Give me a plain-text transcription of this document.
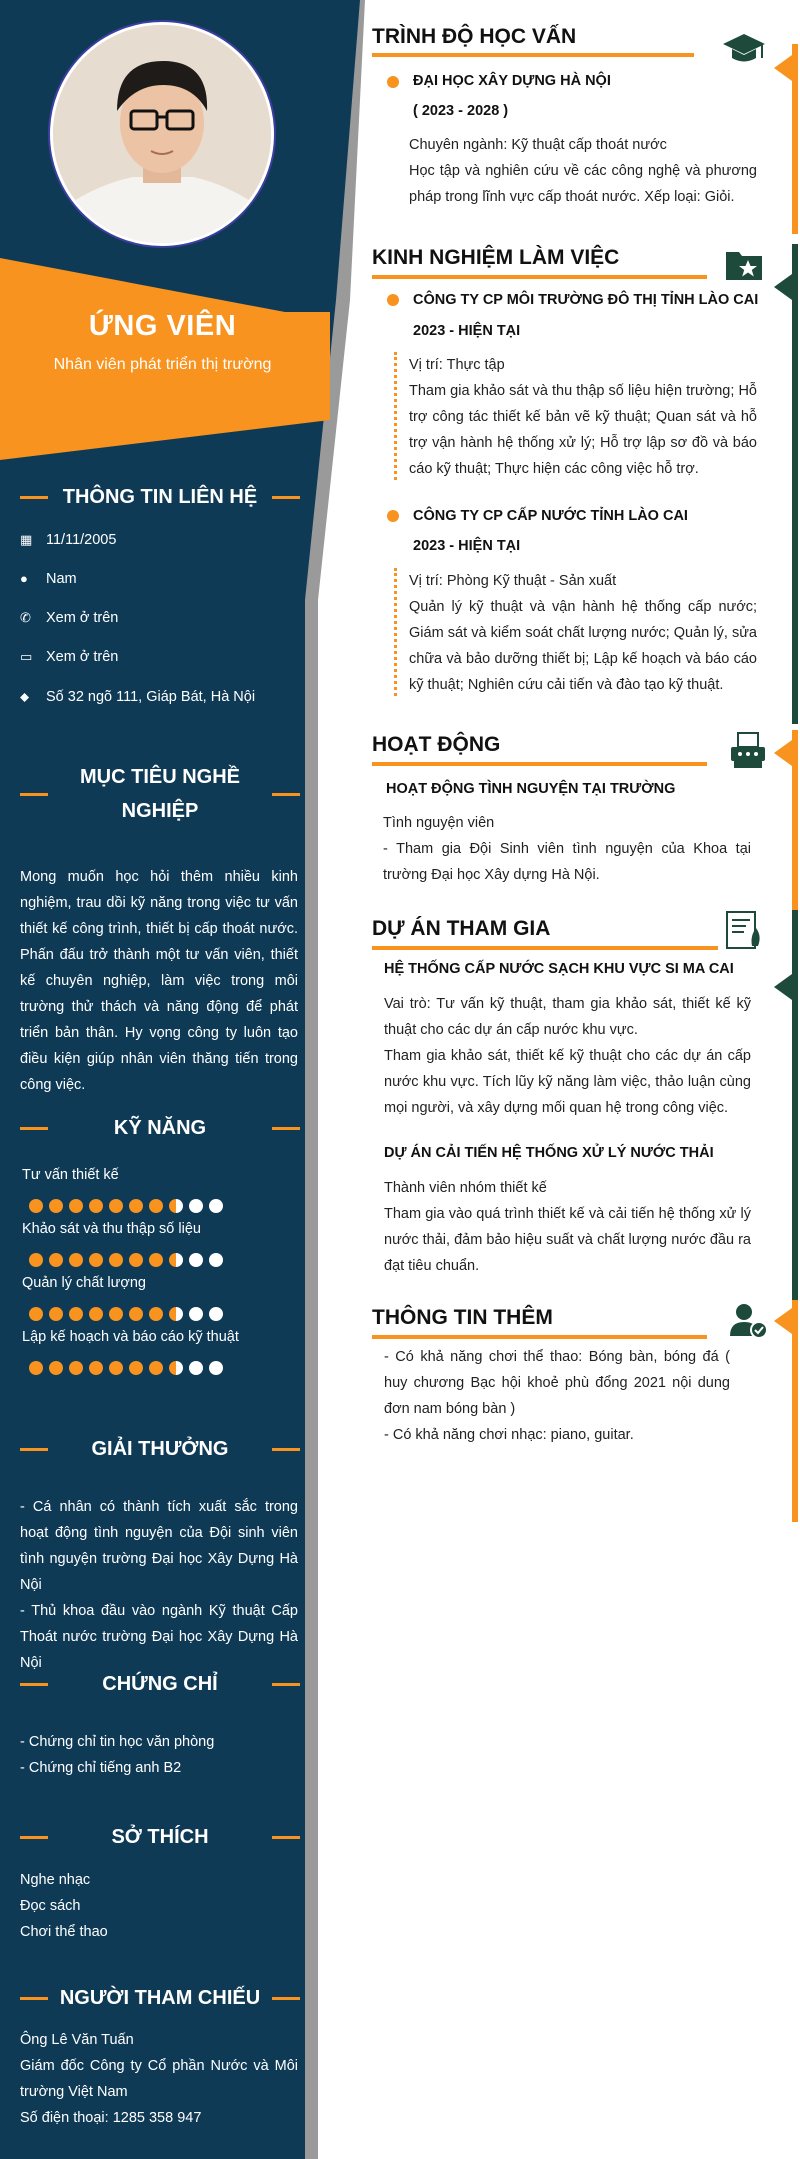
ỨNG VIÊN
Nhân viên phát triển thị trường
THÔNG TIN LIÊN HỆ
▦ 11/11/2005
● Nam
✆ Xem ở trên
▭ Xem ở trên
⬥ Số 32 ngõ 111, Giáp Bát, Hà Nội
MỤC TIÊU NGHỀ
NGHIỆP
Mong muốn học hỏi thêm nhiều kinh nghiệm, trau dồi kỹ năng trong việc tư vấn thiết kế công trình, thiết bị cấp thoát nước. Phấn đấu trở thành một tư vấn viên, thiết kế chuyên nghiệp, làm việc trong môi trường thử thách và năng động để phát triển bản thân. Hy vọng công ty luôn tạo điều kiện giúp nhân viên thăng tiến trong công việc.
KỸ NĂNG
Tư vấn thiết kế
Khảo sát và thu thập số liệu
Quản lý chất lượng
Lập kế hoạch và báo cáo kỹ thuật
GIẢI THƯỞNG
- Cá nhân có thành tích xuất sắc trong hoạt động tình nguyện của Đội sinh viên tình nguyện trường Đại học Xây Dựng Hà Nội
- Thủ khoa đầu vào ngành Kỹ thuật Cấp Thoát nước trường Đại học Xây Dựng Hà Nội
CHỨNG CHỈ
- Chứng chỉ tin học văn phòng
- Chứng chỉ tiếng anh B2
SỞ THÍCH
Nghe nhạc
Đọc sách
Chơi thể thao
NGƯỜI THAM CHIẾU
Ông Lê Văn Tuấn
Giám đốc Công ty Cổ phần Nước và Môi trường Việt Nam
Số điện thoại: 1285 358 947
TRÌNH ĐỘ HỌC VẤN
ĐẠI HỌC XÂY DỰNG HÀ NỘI
( 2023 - 2028 )
Chuyên ngành: Kỹ thuật cấp thoát nước
Học tập và nghiên cứu về các công nghệ và phương pháp trong lĩnh vực cấp thoát nước. Xếp loại: Giỏi.
KINH NGHIỆM LÀM VIỆC
CÔNG TY CP MÔI TRƯỜNG ĐÔ THỊ TỈNH LÀO CAI
2023 - HIỆN TẠI
Vị trí: Thực tập
Tham gia khảo sát và thu thập số liệu hiện trường; Hỗ trợ công tác thiết kế bản vẽ kỹ thuật; Quan sát và hỗ trợ vận hành hệ thống xử lý; Hỗ trợ lập sơ đồ và báo cáo kỹ thuật; Thực hiện các công việc hỗ trợ.
CÔNG TY CP CẤP NƯỚC TỈNH LÀO CAI
2023 - HIỆN TẠI
Vị trí: Phòng Kỹ thuật - Sản xuất
Quản lý kỹ thuật và vận hành hệ thống cấp nước; Giám sát và kiểm soát chất lượng nước; Quản lý, sửa chữa và bảo dưỡng thiết bị; Lập kế hoạch và báo cáo kỹ thuật; Nghiên cứu cải tiến và đào tạo kỹ thuật.
HOẠT ĐỘNG
HOẠT ĐỘNG TÌNH NGUYỆN TẠI TRƯỜNG
Tình nguyện viên
- Tham gia Đội Sinh viên tình nguyện của Khoa tại trường Đại học Xây dựng Hà Nội.
DỰ ÁN THAM GIA
HỆ THỐNG CẤP NƯỚC SẠCH KHU VỰC SI MA CAI
Vai trò: Tư vấn kỹ thuật, tham gia khảo sát, thiết kế kỹ thuật cho các dự án cấp nước khu vực.
Tham gia khảo sát, thiết kế kỹ thuật cho các dự án cấp nước khu vực. Tích lũy kỹ năng làm việc, thảo luận cùng mọi người, và xây dựng mối quan hệ trong công việc.
DỰ ÁN CẢI TIẾN HỆ THỐNG XỬ LÝ NƯỚC THẢI
Thành viên nhóm thiết kế
Tham gia vào quá trình thiết kế và cải tiến hệ thống xử lý nước thải, đảm bảo hiệu suất và chất lượng nước đầu ra đạt tiêu chuẩn.
THÔNG TIN THÊM
- Có khả năng chơi thể thao: Bóng bàn, bóng đá ( huy chương Bạc hội khoẻ phù đổng 2021 nội dung đơn nam bóng bàn )
- Có khả năng chơi nhạc: piano, guitar.
